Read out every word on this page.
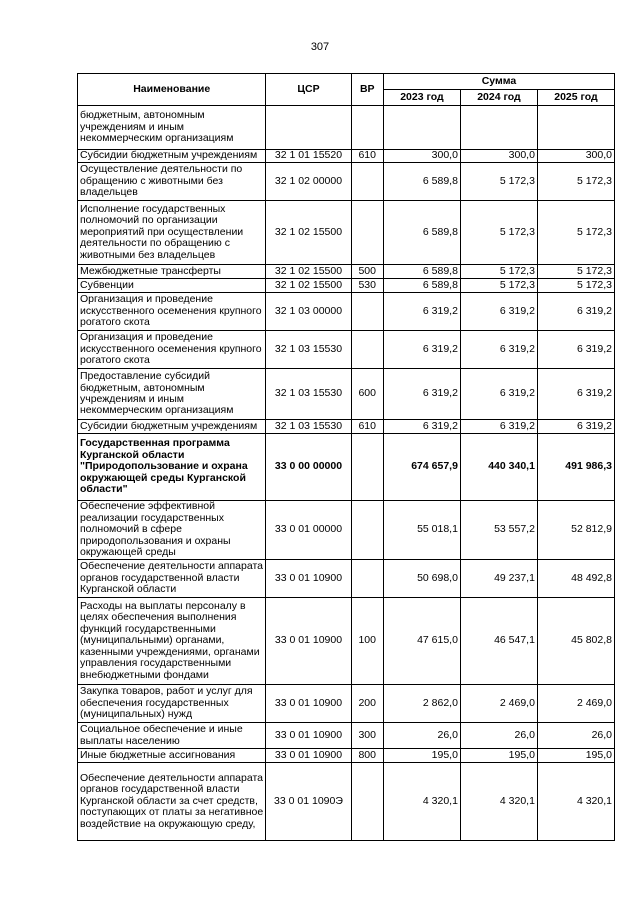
307
Наименование	ЦСР	ВР	Сумма		
			2023 год	2024 год	2025 год
бюджетным, автономным учреждениям и иным некоммерческим организациям					
Субсидии бюджетным учреждениям	32 1 01 15520	610	300,0	300,0	300,0
Осуществление деятельности по обращению с животными без владельцев	32 1 02 00000		6 589,8	5 172,3	5 172,3
Исполнение государственных полномочий по организации мероприятий при осуществлении деятельности по обращению с животными без владельцев	32 1 02 15500		6 589,8	5 172,3	5 172,3
Межбюджетные трансферты	32 1 02 15500	500	6 589,8	5 172,3	5 172,3
Субвенции	32 1 02 15500	530	6 589,8	5 172,3	5 172,3
Организация и проведение искусственного осеменения крупного рогатого скота	32 1 03 00000		6 319,2	6 319,2	6 319,2
Организация и проведение искусственного осеменения крупного рогатого скота	32 1 03 15530		6 319,2	6 319,2	6 319,2
Предоставление субсидий бюджетным, автономным учреждениям и иным некоммерческим организациям	32 1 03 15530	600	6 319,2	6 319,2	6 319,2
Субсидии бюджетным учреждениям	32 1 03 15530	610	6 319,2	6 319,2	6 319,2
Государственная программа Курганской области "Природопользование и охрана окружающей среды Курганской области"	33 0 00 00000		674 657,9	440 340,1	491 986,3
Обеспечение эффективной реализации государственных полномочий в сфере природопользования и охраны окружающей среды	33 0 01 00000		55 018,1	53 557,2	52 812,9
Обеспечение деятельности аппарата органов государственной власти Курганской области	33 0 01 10900		50 698,0	49 237,1	48 492,8
Расходы на выплаты персоналу в целях обеспечения выполнения функций государственными (муниципальными) органами, казенными учреждениями, органами управления государственными внебюджетными фондами	33 0 01 10900	100	47 615,0	46 547,1	45 802,8
Закупка товаров, работ и услуг для обеспечения государственных (муниципальных) нужд	33 0 01 10900	200	2 862,0	2 469,0	2 469,0
Социальное обеспечение и иные выплаты населению	33 0 01 10900	300	26,0	26,0	26,0
Иные бюджетные ассигнования	33 0 01 10900	800	195,0	195,0	195,0
Обеспечение деятельности аппарата органов государственной власти Курганской области за счет средств, поступающих от платы за негативное воздействие на окружающую среду,	33 0 01 1090Э		4 320,1	4 320,1	4 320,1
